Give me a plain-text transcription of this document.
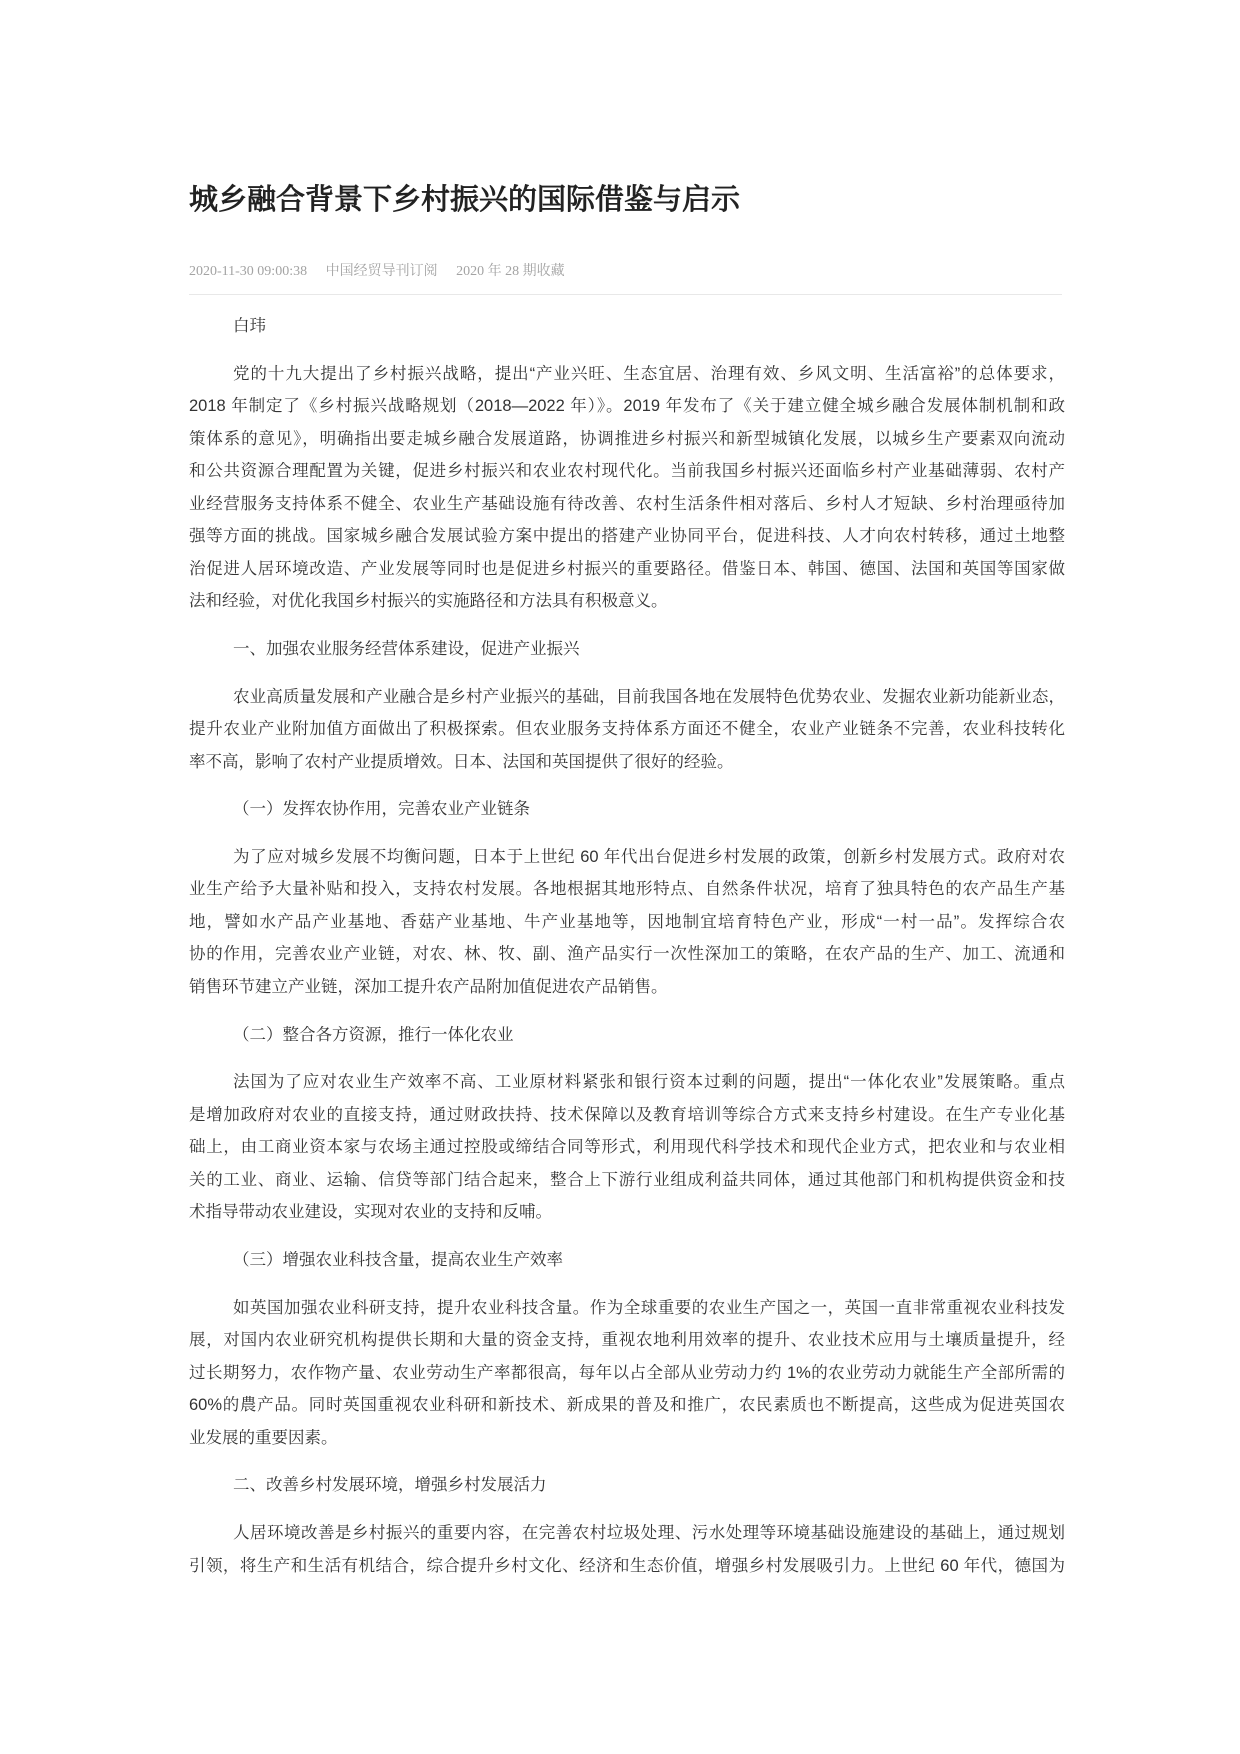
城乡融合背景下乡村振兴的国际借鉴与启示
2020-11-30 09:00:38 中国经贸导刊订阅 2020 年 28 期收藏
白玮
党的十九大提出了乡村振兴战略，提出“产业兴旺、生态宜居、治理有效、乡风文明、生活富裕”的总体要求，
2018 年制定了《乡村振兴战略规划（2018—2022 年）》。2019 年发布了《关于建立健全城乡融合发展体制机制和政
策体系的意见》，明确指出要走城乡融合发展道路，协调推进乡村振兴和新型城镇化发展，以城乡生产要素双向流动
和公共资源合理配置为关键，促进乡村振兴和农业农村现代化。当前我国乡村振兴还面临乡村产业基础薄弱、农村产
业经营服务支持体系不健全、农业生产基础设施有待改善、农村生活条件相对落后、乡村人才短缺、乡村治理亟待加
强等方面的挑战。国家城乡融合发展试验方案中提出的搭建产业协同平台，促进科技、人才向农村转移，通过土地整
治促进人居环境改造、产业发展等同时也是促进乡村振兴的重要路径。借鉴日本、韩国、德国、法国和英国等国家做
法和经验，对优化我国乡村振兴的实施路径和方法具有积极意义。
一、加强农业服务经营体系建设，促进产业振兴
农业高质量发展和产业融合是乡村产业振兴的基础，目前我国各地在发展特色优势农业、发掘农业新功能新业态，
提升农业产业附加值方面做出了积极探索。但农业服务支持体系方面还不健全，农业产业链条不完善，农业科技转化
率不高，影响了农村产业提质增效。日本、法国和英国提供了很好的经验。
（一）发挥农协作用，完善农业产业链条
为了应对城乡发展不均衡问题，日本于上世纪 60 年代出台促进乡村发展的政策，创新乡村发展方式。政府对农
业生产给予大量补贴和投入，支持农村发展。各地根据其地形特点、自然条件状况，培育了独具特色的农产品生产基
地，譬如水产品产业基地、香菇产业基地、牛产业基地等，因地制宜培育特色产业，形成“一村一品”。发挥综合农
协的作用，完善农业产业链，对农、林、牧、副、渔产品实行一次性深加工的策略，在农产品的生产、加工、流通和
销售环节建立产业链，深加工提升农产品附加值促进农产品销售。
（二）整合各方资源，推行一体化农业
法国为了应对农业生产效率不高、工业原材料紧张和银行资本过剩的问题，提出“一体化农业”发展策略。重点
是增加政府对农业的直接支持，通过财政扶持、技术保障以及教育培训等综合方式来支持乡村建设。在生产专业化基
础上，由工商业资本家与农场主通过控股或缔结合同等形式，利用现代科学技术和现代企业方式，把农业和与农业相
关的工业、商业、运输、信贷等部门结合起来，整合上下游行业组成利益共同体，通过其他部门和机构提供资金和技
术指导带动农业建设，实现对农业的支持和反哺。
（三）增强农业科技含量，提高农业生产效率
如英国加强农业科研支持，提升农业科技含量。作为全球重要的农业生产国之一，英国一直非常重视农业科技发
展，对国内农业研究机构提供长期和大量的资金支持，重视农地利用效率的提升、农业技术应用与土壤质量提升，经
过长期努力，农作物产量、农业劳动生产率都很高，每年以占全部从业劳动力约 1%的农业劳动力就能生产全部所需的
60%的農产品。同时英国重视农业科研和新技术、新成果的普及和推广，农民素质也不断提高，这些成为促进英国农
业发展的重要因素。
二、改善乡村发展环境，增强乡村发展活力
人居环境改善是乡村振兴的重要内容，在完善农村垃圾处理、污水处理等环境基础设施建设的基础上，通过规划
引领，将生产和生活有机结合，综合提升乡村文化、经济和生态价值，增强乡村发展吸引力。上世纪 60 年代，德国为
